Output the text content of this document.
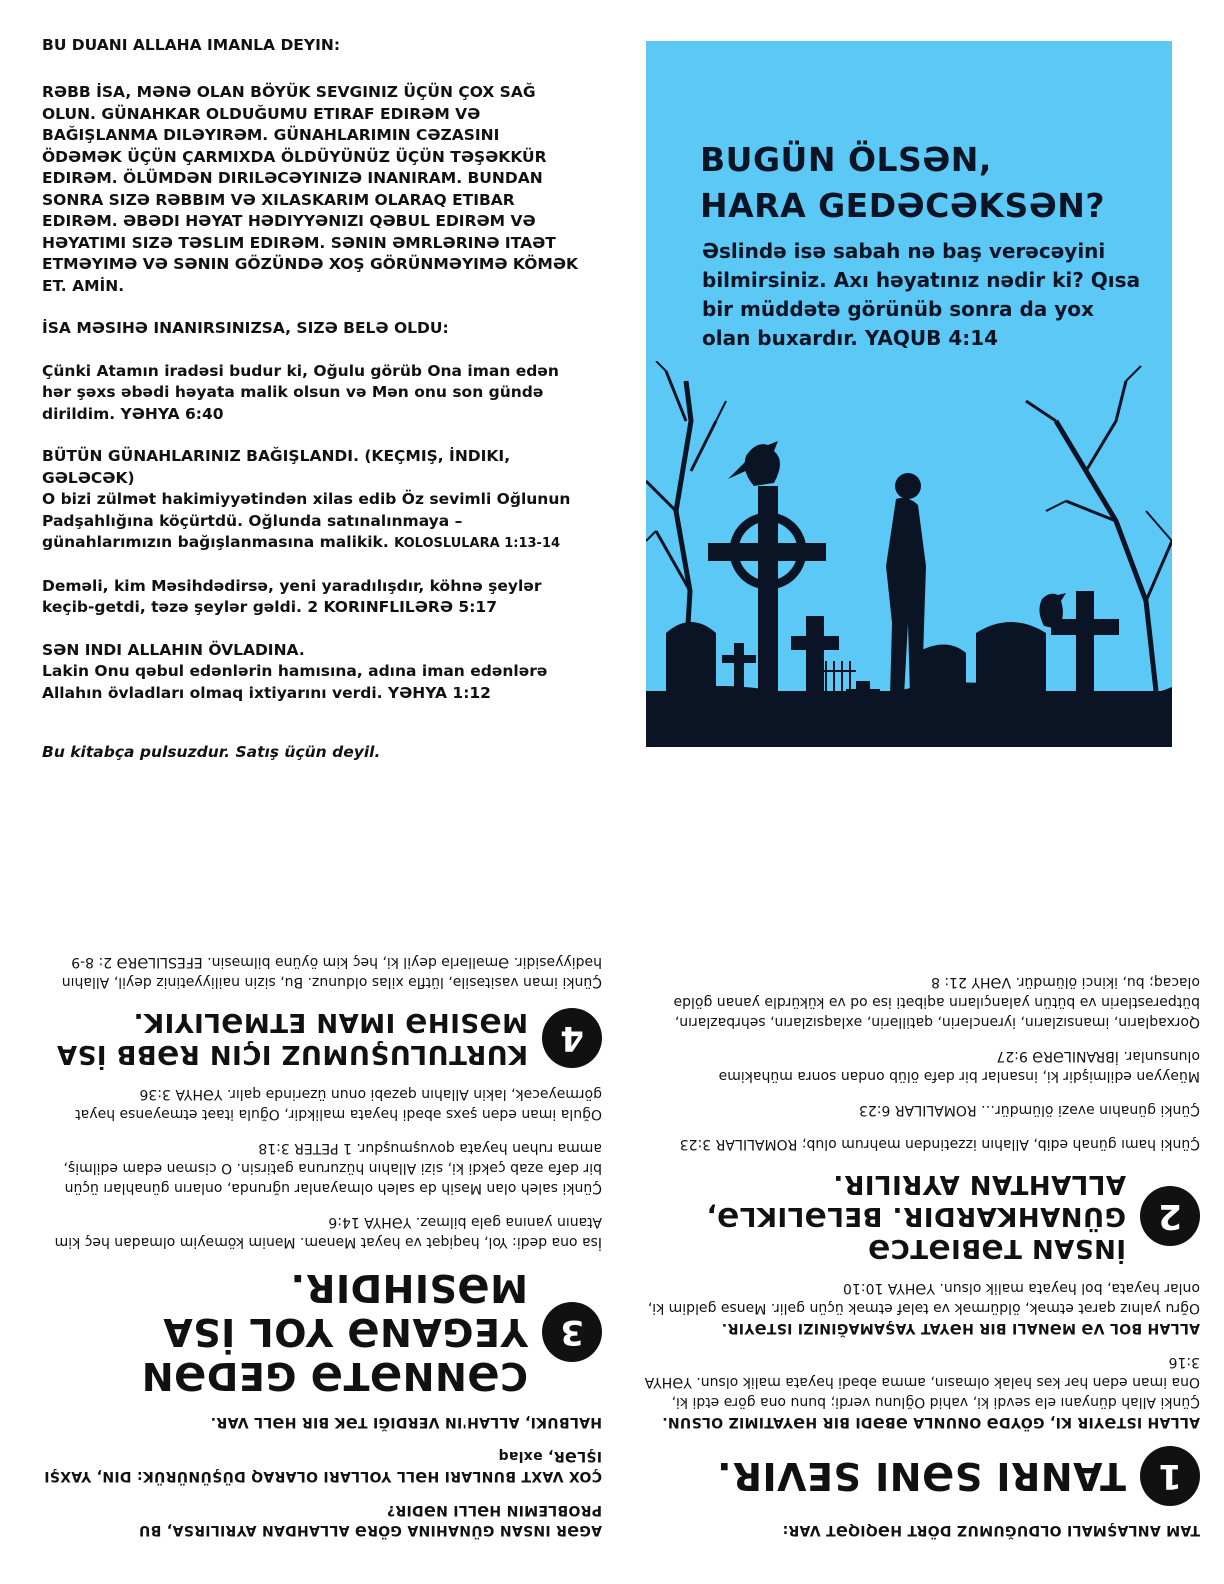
BU DUANI ALLAHA IMANLA DEYIN:

RƏBB İSA, MƏNƏ OLAN BÖYÜK SEVGINIZ ÜÇÜN ÇOX SAĞ OLUN. GÜNAHKAR OLDUĞUMU ETIRAF EDIRƏM VƏ BAĞIŞLANMA DILƏYIRƏM. GÜNAHLARIMIN CƏZASINI ÖDƏMƏK ÜÇÜN ÇARMIXDA ÖLDÜYÜNÜZ ÜÇÜN TƏŞƏKKÜR EDIRƏM. ÖLÜMDƏN DIRILƏCƏYINIZƏ INANIRAM. BUNDAN SONRA SIZƏ RƏBBIM VƏ XILASKARIM OLARAQ ETIBAR EDIRƏM. ƏBƏDI HƏYAT HƏDIYYƏNIZI QƏBUL EDIRƏM VƏ HƏYATIMI SIZƏ TƏSLIM EDIRƏM. SƏNIN ƏMRLƏRINƏ ITAƏT ETMƏYIMƏ VƏ SƏNIN GÖZÜNDƏ XOŞ GÖRÜNMƏYIMƏ KÖMƏK ET. AMİN.

İSA MƏSIHƏ INANIRSINIZSA, SIZƏ BELƏ OLDU:

Çünki Atamın iradəsi budur ki, Oğulu görüb Ona iman edən hər şəxs əbədi həyata malik olsun və Mən onu son gündə dirildim. YƏHYA 6:40

BÜTÜN GÜNAHLARINIZ BAĞIŞLANDI. (KEÇMIŞ, İNDIKI, GƏLƏCƏK)

O bizi zülmət hakimiyyətindən xilas edib Öz sevimli Oğlunun Padşahlığına köçürtdü. Oğlunda satınalınmaya – günahlarımızın bağışlanmasına malikik. KOLOSLULARA 1:13-14

Deməli, kim Məsihdədirsə, yeni yaradılışdır, köhnə şeylər keçib-getdi, təzə şeylər gəldi. 2 KORINFLILƏRƏ 5:17

SƏN INDI ALLAHIN ÖVLADINA.

Lakin Onu qəbul edənlərin hamısına, adına iman edənlərə Allahın övladları olmaq ixtiyarını verdi. YƏHYA 1:12

Bu kitabça pulsuzdur. Satış üçün deyil.

BUGÜN ÖLSƏN,
HARA GEDƏCƏKSƏN?
Əslində isə sabah nə baş verəcəyini bilmirsiniz. Axı həyatınız nədir ki? Qısa bir müddətə görünüb sonra da yox olan buxardır. YAQUB 4:14

AGƏR INSAN GÜNAHINA GÖRƏ ALLAHDAN AYRILIRSA, BU PROBLEMIN HƏLLI NƏDIR?

ÇOX VAXT BUNLARI HƏLL YOLLARI OLARAQ DÜŞÜNÜRÜK: DIN, YAXŞI IŞLƏR, əxlaq

HALBUKI, ALLAH'IN VERDIĞI TƏK BIR HƏLL VAR.

3
CƏNNƏTƏ GEDƏN YEGANƏ YOL İSA MƏSIHDIR.

İsa ona dedi: Yol, həqiqət və həyat Mənəm. Mənim köməyim olmadan heç kim Atanın yanına gələ bilməz. YƏHYA 14:6

Çünki saleh olan Məsih də saleh olmayanlar uğrunda, onların günahları üçün bir dəfə əzab çəkdi ki, sizi Allahın hüzuruna gətirsin. O cismən edam edilmiş, amma ruhən həyata qovuşmuşdur. 1 PETER 3:18

Oğula iman edən şəxs əbədi həyata malikdir, Oğula itaət etməyənsə həyat görməyəcək, lakin Allahın qəzəbi onun üzərində qalır. YƏHYA 3:36

4
KURTULUŞUMUZ IÇIN RƏBB İSA MƏSIHƏ IMAN ETMƏLIYIK.

Çünki iman vasitəsilə, lütflə xilas oldunuz. Bu, sizin nailiyyətiniz deyil, Allahın hədiyyəsidir. Əməllərlə deyil ki, heç kim öyünə bilməsin. EFESLILƏRƏ 2: 8-9

TAM ANLAŞMALI OLDUĞUMUZ DÖRT HƏQIQƏT VAR:

1
TANRI SƏNI SEVIR.

ALLAH ISTƏYIR KI, GÖYDƏ ONUNLA ƏBƏDI BIR HƏYATIMIZ OLSUN.

Çünki Allah dünyanı elə sevdi ki, vahid Oğlunu verdi; bunu ona görə etdi ki, Ona iman edən hər kəs həlak olmasın, amma əbədi həyata malik olsun. YƏHYA 3:16

ALLAH BOL VƏ MƏNALI BIR HƏYAT YAŞAMAĞINIZI ISTƏYIR.

Oğru yalnız qarət etmək, öldürmək və tələf etmək üçün gəlir. Mənsə gəldim ki, onlar həyata, bol həyata malik olsun. YƏHYA 10:10

2
İNSAN TƏBIƏTCƏ GÜNAHKARDIR. BELƏLIKLƏ, ALLAHTAN AYRILIR.

Çünki hamı günah edib, Allahın izzətindən məhrum olub; ROMALILAR 3:23

Çünki günahın əvəzi ölümdür… ROMALILAR 6:23

Müəyyən edilmişdir ki, insanlar bir dəfə ölüb ondan sonra mühakimə olunsunlar. İBRANILƏRƏ 9:27

Qorxaqların, imansızların, iyrənclərin, qatillərin, əxlaqsızların, sehrbazların, bütpərəstlərin və bütün yalançıların aqibəti isə od və kükürdlə yanan göldə olacaq; bu, ikinci ölümdür. VƏHY 21: 8
